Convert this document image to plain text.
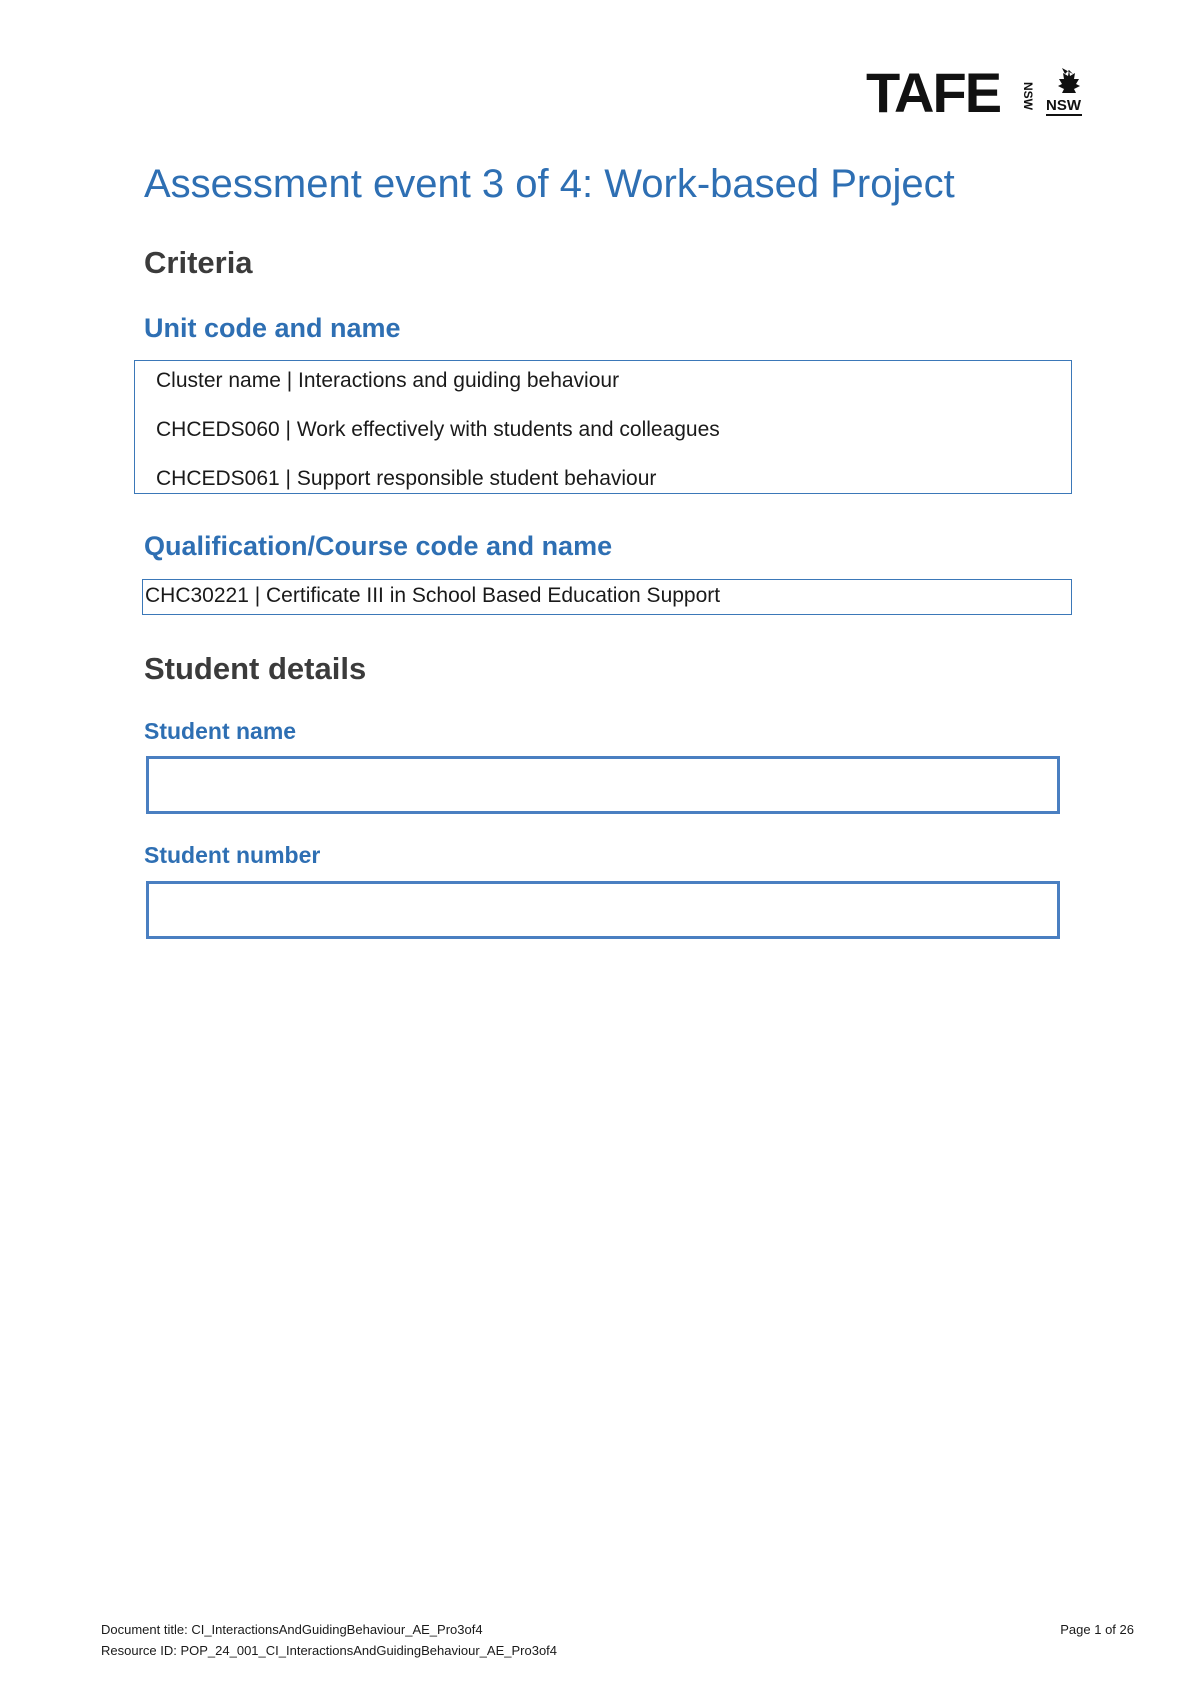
TAFE NSW NSW
Assessment event 3 of 4: Work-based Project
Criteria
Unit code and name
Cluster name | Interactions and guiding behaviour
CHCEDS060 | Work effectively with students and colleagues
CHCEDS061 | Support responsible student behaviour
Qualification/Course code and name
CHC30221 | Certificate III in School Based Education Support
Student details
Student name
Student number
Document title: CI_InteractionsAndGuidingBehaviour_AE_Pro3of4
Resource ID: POP_24_001_CI_InteractionsAndGuidingBehaviour_AE_Pro3of4
Page 1 of 26
